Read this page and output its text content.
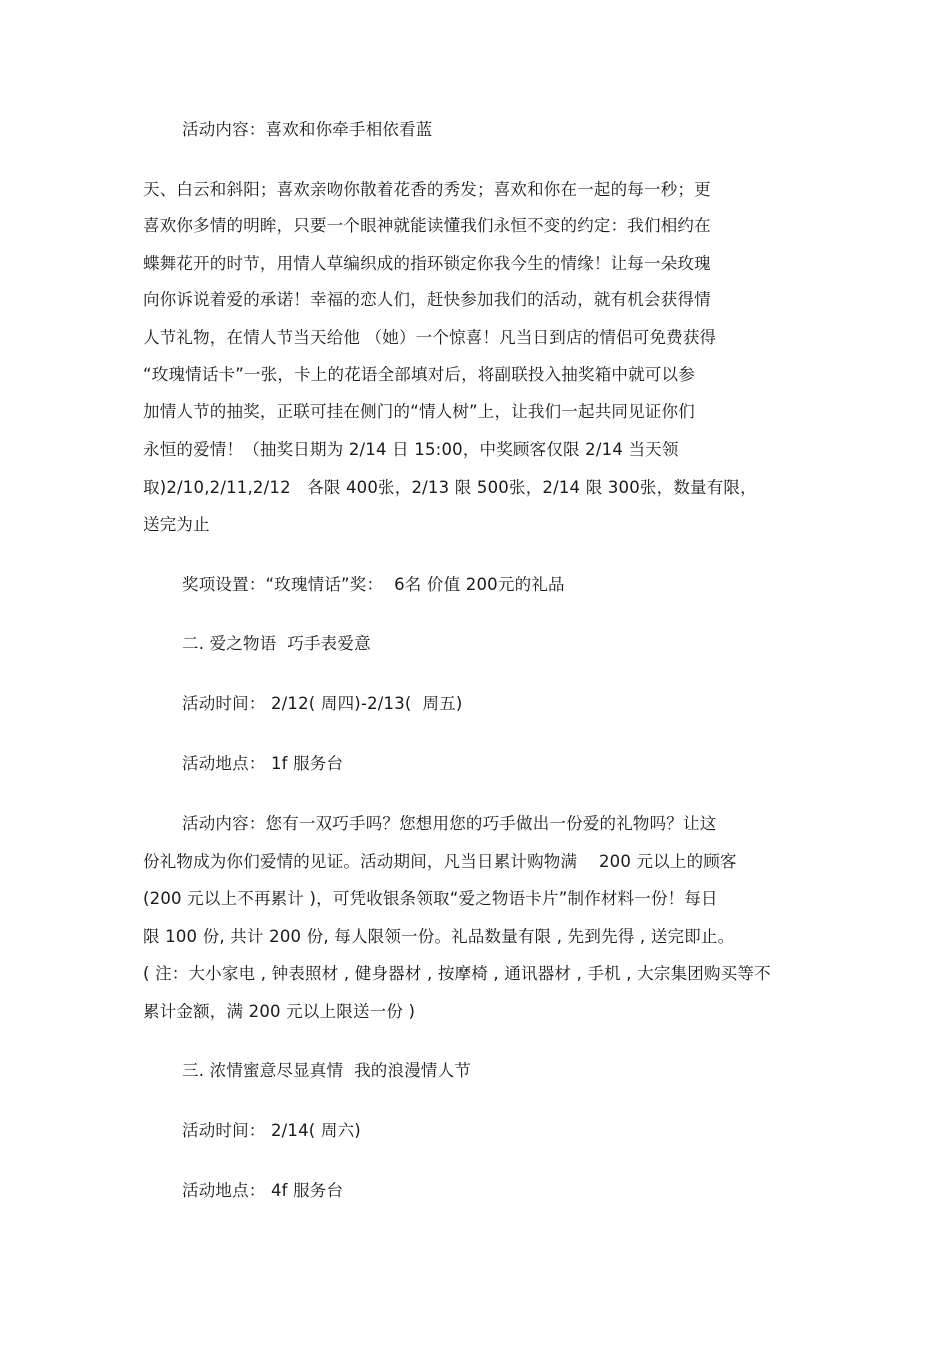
活动内容：喜欢和你牵手相依看蓝
天、白云和斜阳；喜欢亲吻你散着花香的秀发；喜欢和你在一起的每一秒；更
喜欢你多情的明眸，只要一个眼神就能读懂我们永恒不变的约定：我们相约在
蝶舞花开的时节，用情人草编织成的指环锁定你我今生的情缘！让每一朵玫瑰
向你诉说着爱的承诺！幸福的恋人们，赶快参加我们的活动，就有机会获得情
人节礼物，在情人节当天给他 （她）一个惊喜！凡当日到店的情侣可免费获得
“玫瑰情话卡”一张，卡上的花语全部填对后，将副联投入抽奖箱中就可以参
加情人节的抽奖，正联可挂在侧门的“情人树”上，让我们一起共同见证你们
永恒的爱情！（抽奖日期为 2/14 日 15:00，中奖顾客仅限 2/14 当天领
取)2/10,2/11,2/12   各限 400张，2/13 限 500张，2/14 限 300张，数量有限，
送完为止
奖项设置：“玫瑰情话”奖：  6名 价值 200元的礼品
二. 爱之物语  巧手表爱意
活动时间： 2/12( 周四)-2/13(  周五)
活动地点： 1f 服务台
活动内容：您有一双巧手吗？您想用您的巧手做出一份爱的礼物吗？让这
份礼物成为你们爱情的见证。活动期间，凡当日累计购物满    200 元以上的顾客
(200 元以上不再累计 )，可凭收银条领取“爱之物语卡片”制作材料一份！每日
限 100 份, 共计 200 份, 每人限领一份。礼品数量有限 , 先到先得 , 送完即止。
( 注：大小家电 , 钟表照材 , 健身器材 , 按摩椅 , 通讯器材 , 手机 , 大宗集团购买等不
累计金额，满 200 元以上限送一份 )
三. 浓情蜜意尽显真情  我的浪漫情人节
活动时间： 2/14( 周六)
活动地点： 4f 服务台
